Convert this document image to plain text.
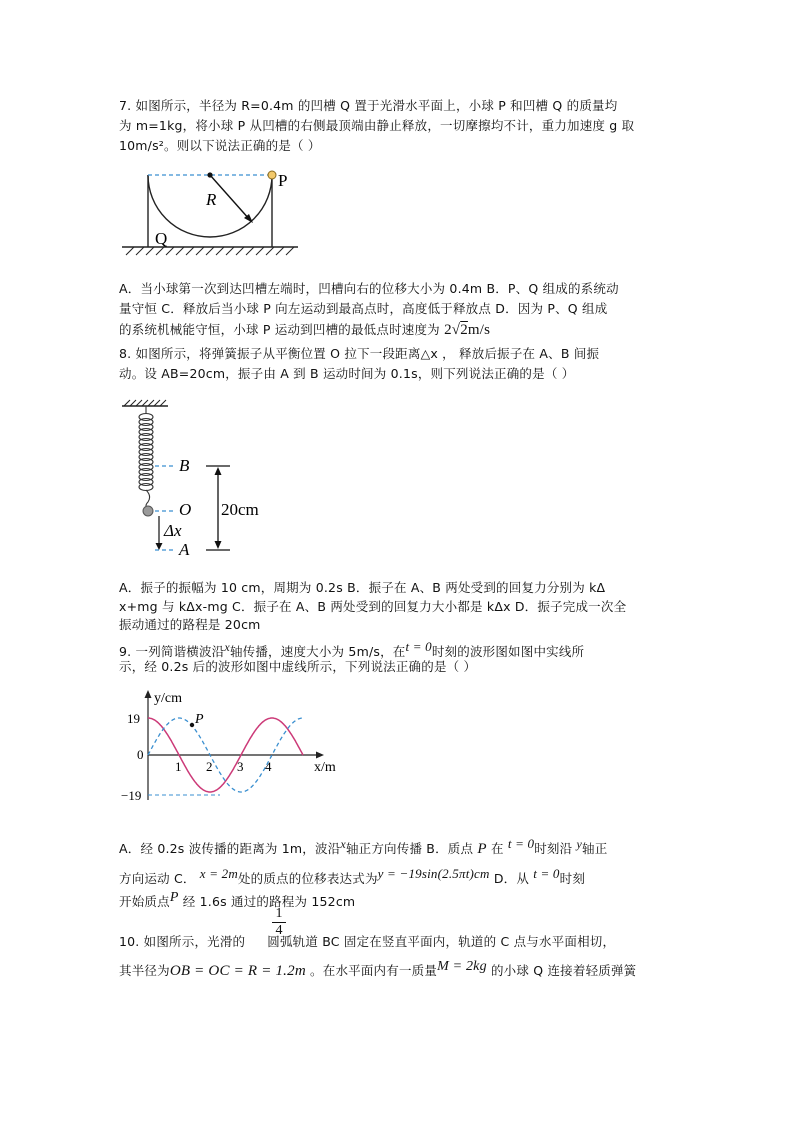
7. 如图所示，半径为 R=0.4m 的凹槽 Q 置于光滑水平面上，小球 P 和凹槽 Q 的质量均
为 m=1kg，将小球 P 从凹槽的右侧最顶端由静止释放，一切摩擦均不计，重力加速度 g 取
10m/s²。则以下说法正确的是（ ）
R
P
Q
A．当小球第一次到达凹槽左端时，凹槽向右的位移大小为 0.4m B．P、Q 组成的系统动
量守恒 C．释放后当小球 P 向左运动到最高点时，高度低于释放点 D．因为 P、Q 组成
的系统机械能守恒，小球 P 运动到凹槽的最低点时速度为 2√2m/s
8. 如图所示，将弹簧振子从平衡位置 O 拉下一段距离△x ， 释放后振子在 A、B 间振
动。设 AB=20cm，振子由 A 到 B 运动时间为 0.1s，则下列说法正确的是（ ）
B
O
A
Δx
20cm
A．振子的振幅为 10 cm，周期为 0.2s B．振子在 A、B 两处受到的回复力分别为 kΔ
x+mg 与 kΔx-mg C．振子在 A、B 两处受到的回复力大小都是 kΔx D．振子完成一次全
振动通过的路程是 20cm
9. 一列简谐横波沿$^x$轴传播，速度大小为 5m/s，在$^{t = 0}$时刻的波形图如图中实线所
示，经 0.2s 后的波形如图中虚线所示，下列说法正确的是（ ）
y/cm
x/m
19
0
−19
1 2 3 4
P
A．经 0.2s 波传播的距离为 1m，波沿$^x$轴正方向传播 B．质点 P 在 $^{t = 0}$时刻沿 $^y$轴正
方向运动 C． $^{x = 2m}$处的质点的位移表达式为$^{y = -19sin(2.5\pi t)cm}$ D．从 $^{t = 0}$时刻
开始质点$^P$ 经 1.6s 通过的路程为 152cm
$\frac{1}{4}$
10. 如图所示，光滑的 圆弧轨道 BC 固定在竖直平面内，轨道的 C 点与水平面相切，
其半径为OB = OC = R = 1.2m 。在水平面内有一质量$^{M = 2kg}$ 的小球 Q 连接着轻质弹簧
